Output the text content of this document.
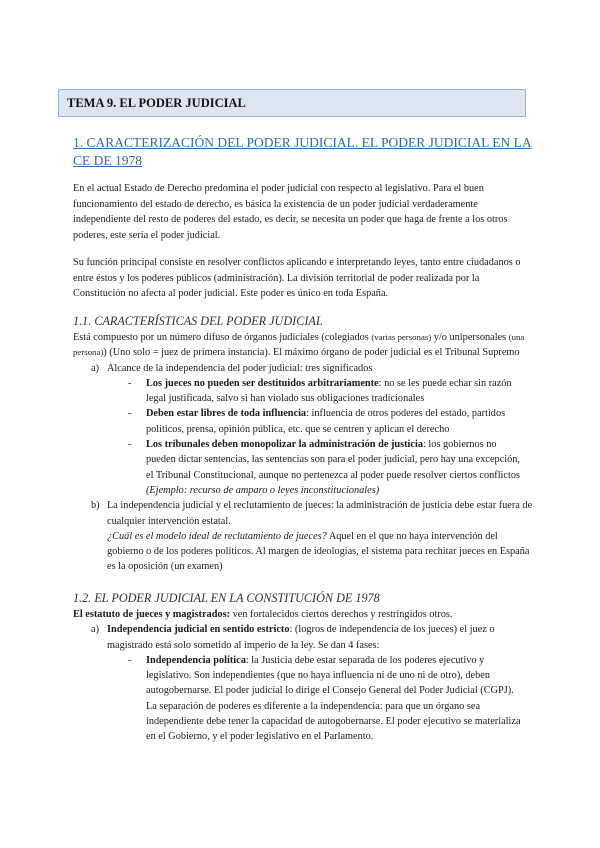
TEMA 9. EL PODER JUDICIAL
1. CARACTERIZACIÓN DEL PODER JUDICIAL. EL PODER JUDICIAL EN LA CE DE 1978
En el actual Estado de Derecho predomina el poder judicial con respecto al legislativo. Para el buen funcionamiento del estado de derecho, es básica la existencia de un poder judicial verdaderamente independiente del resto de poderes del estado, es decir, se necesita un poder que haga de frente a los otros poderes, este sería el poder judicial.
Su función principal consiste en resolver conflictos aplicando e interpretando leyes, tanto entre ciudadanos o entre éstos y los poderes públicos (administración). La división territorial de poder realizada por la Constitución no afecta al poder judicial. Este poder es único en toda España.
1.1. CARACTERÍSTICAS DEL PODER JUDICIAL
Está compuesto por un número difuso de órganos judiciales (colegiados (varias personas) y/o unipersonales (una persona)) (Uno solo = juez de primera instancia). El máximo órgano de poder judicial es el Tribunal Supremo
a) Alcance de la independencia del poder judicial: tres significados
- Los jueces no pueden ser destituidos arbitrariamente: no se les puede echar sin razón legal justificada, salvo si han violado sus obligaciones tradicionales
- Deben estar libres de toda influencia: influencia de otros poderes del estado, partidos políticos, prensa, opinión pública, etc. que se centren y aplican el derecho
- Los tribunales deben monopolizar la administración de justicia: los gobiernos no pueden dictar sentencias, las sentencias son para el poder judicial, pero hay una excepción, el Tribunal Constitucional, aunque no pertenezca al poder puede resolver ciertos conflictos (Ejemplo: recurso de amparo o leyes inconstitucionales)
b) La independencia judicial y el reclutamiento de jueces: la administración de justicia debe estar fuera de cualquier intervención estatal.
¿Cuál es el modelo ideal de reclutamiento de jueces? Aquel en el que no haya intervención del gobierno o de los poderes políticos. Al margen de ideologías, el sistema para rechitar jueces en España es la oposición (un examen)
1.2. EL PODER JUDICIAL EN LA CONSTITUCIÓN DE 1978
El estatuto de jueces y magistrados: ven fortalecidos ciertos derechos y restringidos otros.
a) Independencia judicial en sentido estricto: (logros de independencia de los jueces) el juez o magistrado está solo sometido al imperio de la ley. Se dan 4 fases:
- Independencia política: la Justicia debe estar separada de los poderes ejecutivo y legislativo. Son independientes (que no haya influencia ni de uno ni de otro), deben autogobernarse. El poder judicial lo dirige el Consejo General del Poder Judicial (CGPJ). La separación de poderes es diferente a la independencia: para que un órgano sea independiente debe tener la capacidad de autogobernarse. El poder ejecutivo se materializa en el Gobierno, y el poder legislativo en el Parlamento.
